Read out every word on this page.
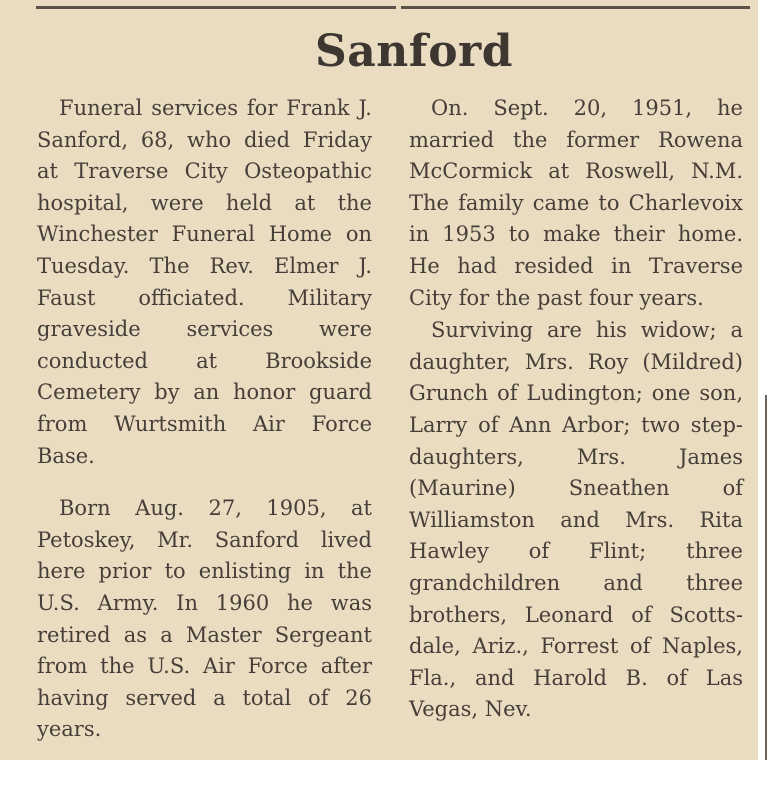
Sanford

Funeral services for Frank J. Sanford, 68, who died Friday at Traverse City Osteopathic hospital, were held at the Winchester Funeral Home on Tuesday. The Rev. Elmer J. Faust officiated. Military graveside services were conducted at Brookside Cemetery by an honor guard from Wurtsmith Air Force Base.

Born Aug. 27, 1905, at Petoskey, Mr. Sanford lived here prior to enlisting in the U.S. Army. In 1960 he was retired as a Master Sergeant from the U.S. Air Force after having served a total of 26 years.

On. Sept. 20, 1951, he married the former Rowena McCormick at Roswell, N.M. The family came to Charlevoix in 1953 to make their home. He had resided in Traverse City for the past four years.

Surviving are his widow; a daughter, Mrs. Roy (Mildred) Grunch of Ludington; one son, Larry of Ann Arbor; two step-daughters, Mrs. James (Maurine) Sneathen of Williamston and Mrs. Rita Hawley of Flint; three grandchildren and three brothers, Leonard of Scotts-dale, Ariz., Forrest of Naples, Fla., and Harold B. of Las Vegas, Nev.
